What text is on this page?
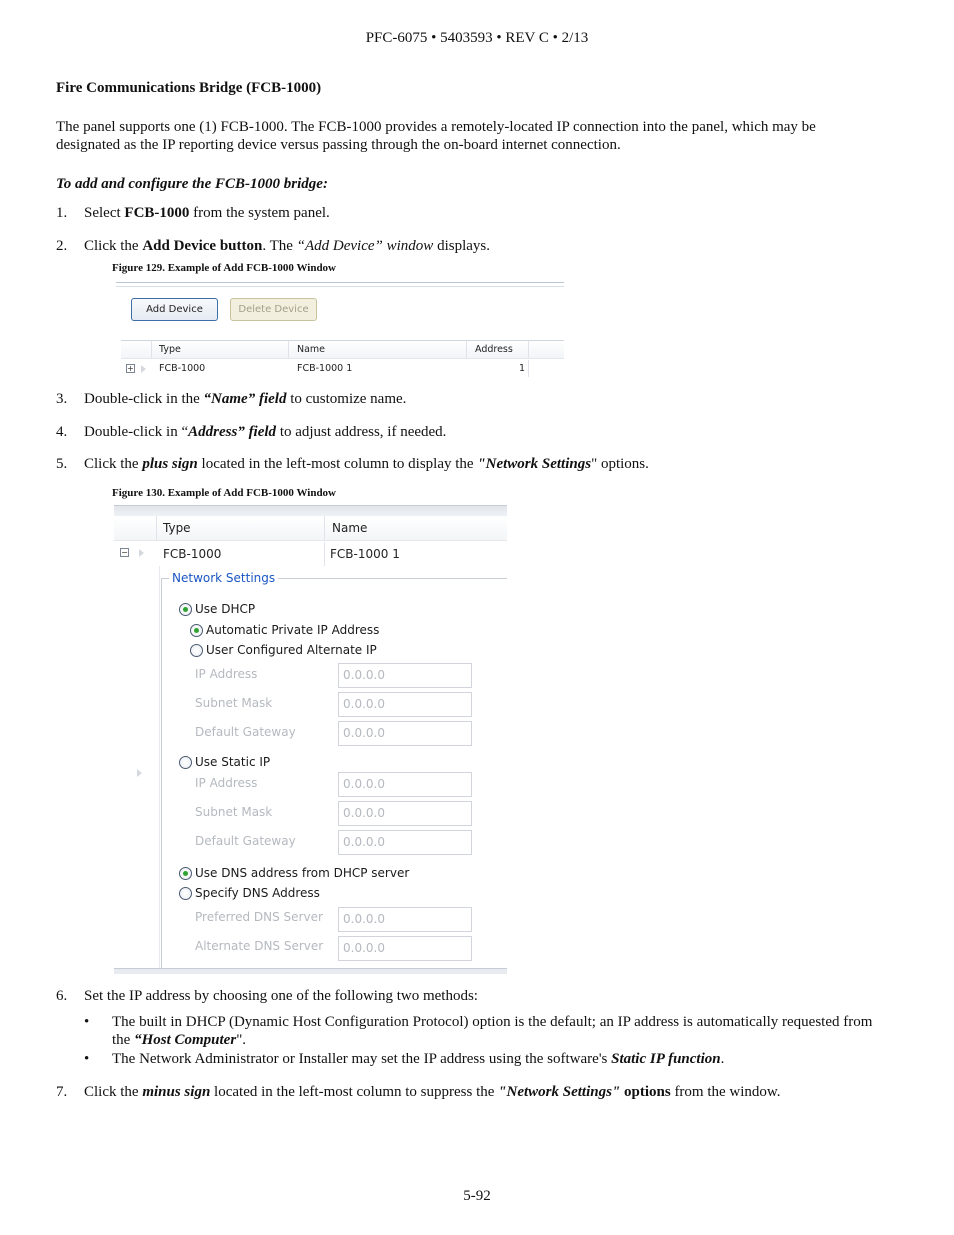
PFC-6075 • 5403593 • REV C • 2/13
Fire Communications Bridge (FCB-1000)
The panel supports one (1) FCB-1000. The FCB-1000 provides a remotely-located IP connection into the panel, which may be designated as the IP reporting device versus passing through the on-board internet connection.
To add and configure the FCB-1000 bridge:
1.	Select FCB-1000 from the system panel.
2.	Click the Add Device button. The “Add Device” window displays.
Figure 129. Example of Add FCB-1000 Window
Add Device	Delete Device
Type	Name	Address
+	FCB-1000	FCB-1000 1	1
3.	Double-click in the “Name” field to customize name.
4.	Double-click in “Address” field to adjust address, if needed.
5.	Click the plus sign located in the left-most column to display the "Network Settings" options.
Figure 130. Example of Add FCB-1000 Window
Type	Name
−	FCB-1000	FCB-1000 1
Network Settings
Use DHCP
Automatic Private IP Address
User Configured Alternate IP
IP Address	0.0.0.0
Subnet Mask	0.0.0.0
Default Gateway	0.0.0.0
Use Static IP
IP Address	0.0.0.0
Subnet Mask	0.0.0.0
Default Gateway	0.0.0.0
Use DNS address from DHCP server
Specify DNS Address
Preferred DNS Server	0.0.0.0
Alternate DNS Server	0.0.0.0
6.	Set the IP address by choosing one of the following two methods:
• The built in DHCP (Dynamic Host Configuration Protocol) option is the default; an IP address is automatically requested from the “Host Computer".
• The Network Administrator or Installer may set the IP address using the software's Static IP function.
7.	Click the minus sign located in the left-most column to suppress the "Network Settings" options from the window.
5-92
